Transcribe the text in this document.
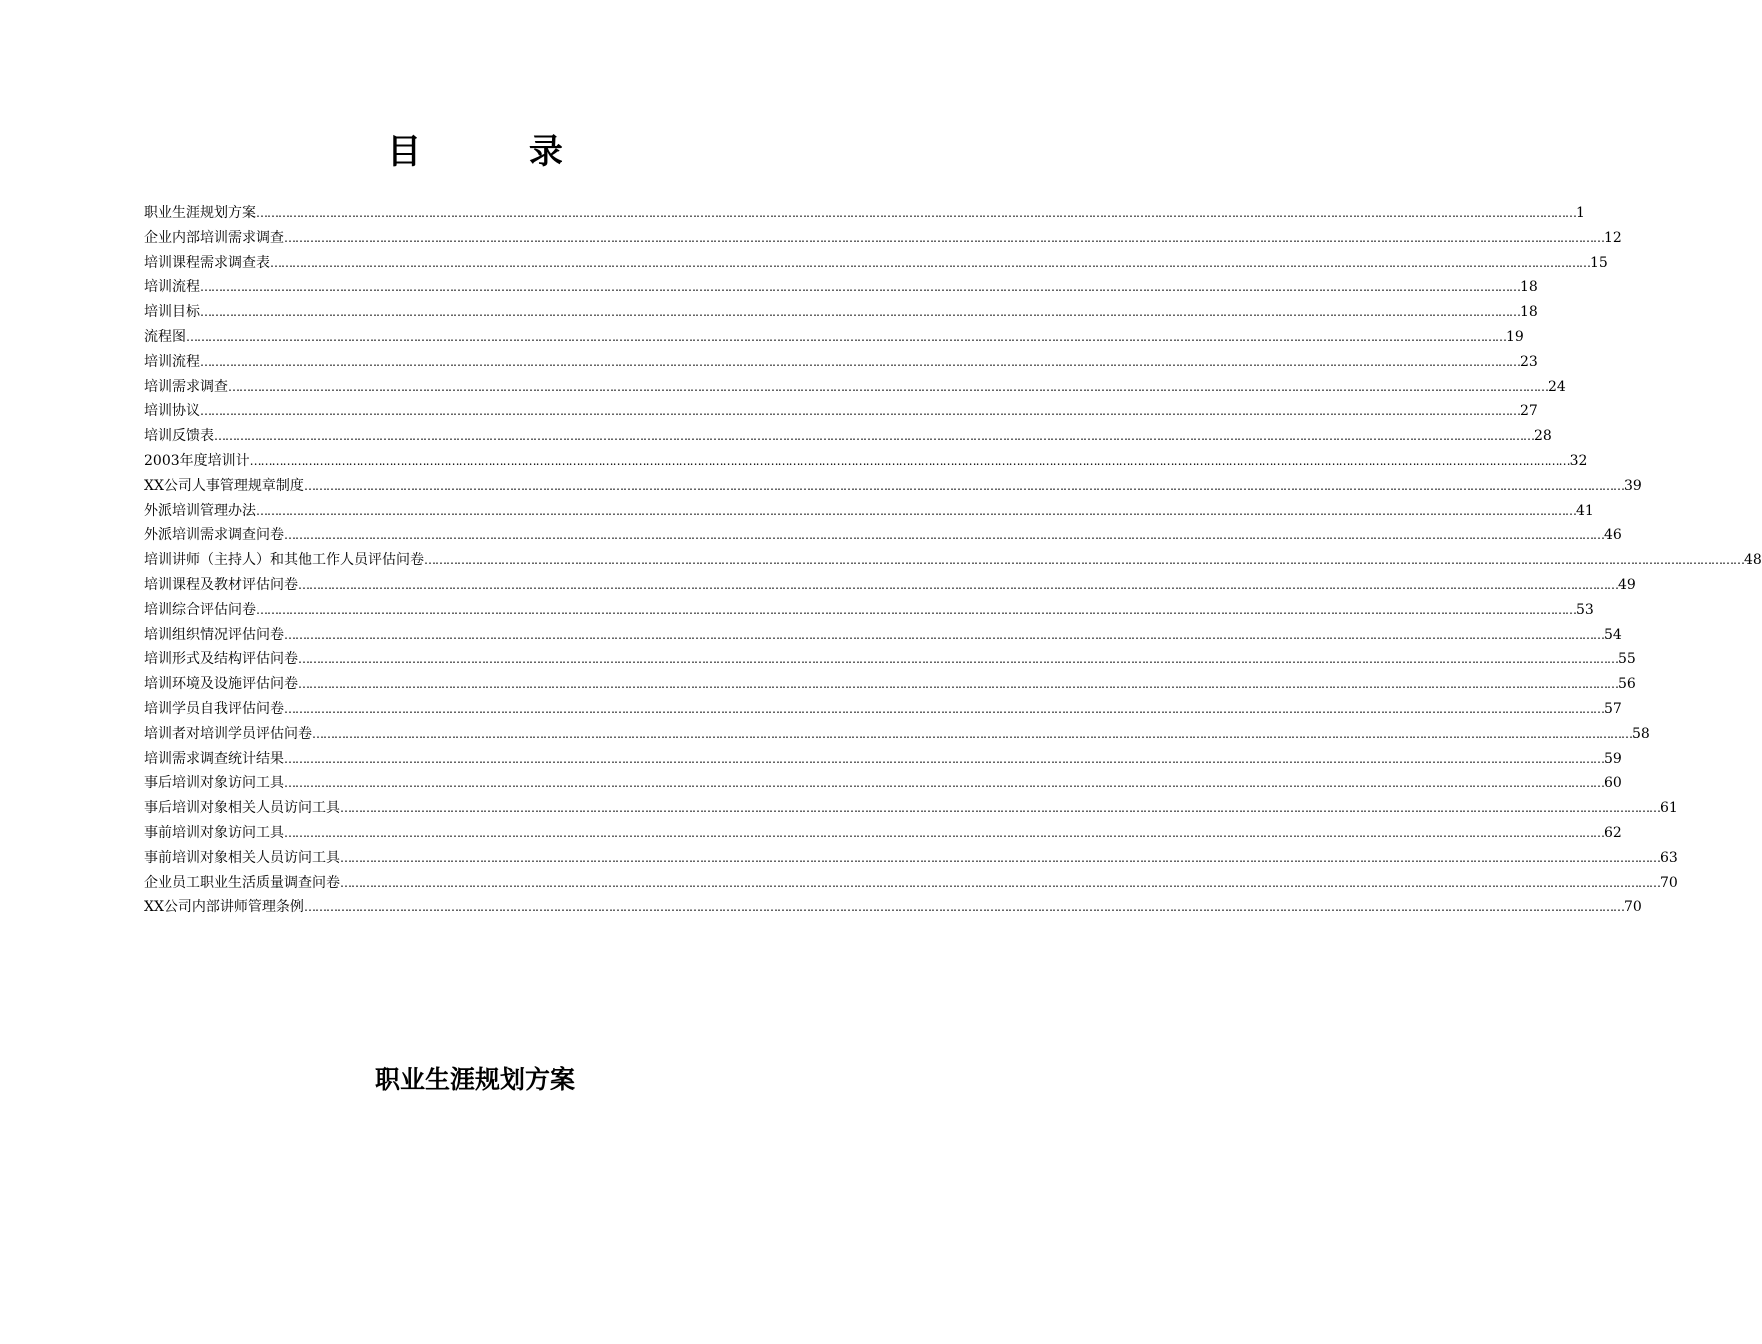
目 录
职业生涯规划方案 ……………………………………………………………………………………………………………………………………………………………………………………………………………………………………………………………………………………………………………………………… 1
企业内部培训需求调查 ……………………………………………………………………………………………………………………………………………………………………………………………………………………………………………………………………………………………………………………………… 12
培训课程需求调查表 ……………………………………………………………………………………………………………………………………………………………………………………………………………………………………………………………………………………………………………………………… 15
培训流程 ……………………………………………………………………………………………………………………………………………………………………………………………………………………………………………………………………………………………………………………………… 18
培训目标 ……………………………………………………………………………………………………………………………………………………………………………………………………………………………………………………………………………………………………………………………… 18
流程图 ……………………………………………………………………………………………………………………………………………………………………………………………………………………………………………………………………………………………………………………………… 19
培训流程 ……………………………………………………………………………………………………………………………………………………………………………………………………………………………………………………………………………………………………………………………… 23
培训需求调查 ……………………………………………………………………………………………………………………………………………………………………………………………………………………………………………………………………………………………………………………………… 24
培训协议 ……………………………………………………………………………………………………………………………………………………………………………………………………………………………………………………………………………………………………………………………… 27
培训反馈表 ……………………………………………………………………………………………………………………………………………………………………………………………………………………………………………………………………………………………………………………………… 28
2003年度培训计 ……………………………………………………………………………………………………………………………………………………………………………………………………………………………………………………………………………………………………………………………… 32
XX公司人事管理规章制度 ……………………………………………………………………………………………………………………………………………………………………………………………………………………………………………………………………………………………………………………………… 39
外派培训管理办法 ……………………………………………………………………………………………………………………………………………………………………………………………………………………………………………………………………………………………………………………………… 41
外派培训需求调查问卷 ……………………………………………………………………………………………………………………………………………………………………………………………………………………………………………………………………………………………………………………………… 46
培训讲师（主持人）和其他工作人员评估问卷 ……………………………………………………………………………………………………………………………………………………………………………………………………………………………………………………………………………………………………………………………… 48
培训课程及教材评估问卷 ……………………………………………………………………………………………………………………………………………………………………………………………………………………………………………………………………………………………………………………………… 49
培训综合评估问卷 ……………………………………………………………………………………………………………………………………………………………………………………………………………………………………………………………………………………………………………………………… 53
培训组织情况评估问卷 ……………………………………………………………………………………………………………………………………………………………………………………………………………………………………………………………………………………………………………………………… 54
培训形式及结构评估问卷 ……………………………………………………………………………………………………………………………………………………………………………………………………………………………………………………………………………………………………………………………… 55
培训环境及设施评估问卷 ……………………………………………………………………………………………………………………………………………………………………………………………………………………………………………………………………………………………………………………………… 56
培训学员自我评估问卷 ……………………………………………………………………………………………………………………………………………………………………………………………………………………………………………………………………………………………………………………………… 57
培训者对培训学员评估问卷 ……………………………………………………………………………………………………………………………………………………………………………………………………………………………………………………………………………………………………………………………… 58
培训需求调查统计结果 ……………………………………………………………………………………………………………………………………………………………………………………………………………………………………………………………………………………………………………………………… 59
事后培训对象访问工具 ……………………………………………………………………………………………………………………………………………………………………………………………………………………………………………………………………………………………………………………………… 60
事后培训对象相关人员访问工具 ……………………………………………………………………………………………………………………………………………………………………………………………………………………………………………………………………………………………………………………………… 61
事前培训对象访问工具 ……………………………………………………………………………………………………………………………………………………………………………………………………………………………………………………………………………………………………………………………… 62
事前培训对象相关人员访问工具 ……………………………………………………………………………………………………………………………………………………………………………………………………………………………………………………………………………………………………………………………… 63
企业员工职业生活质量调查问卷 ……………………………………………………………………………………………………………………………………………………………………………………………………………………………………………………………………………………………………………………………… 70
XX公司内部讲师管理条例 ……………………………………………………………………………………………………………………………………………………………………………………………………………………………………………………………………………………………………………………………… 70
职业生涯规划方案
